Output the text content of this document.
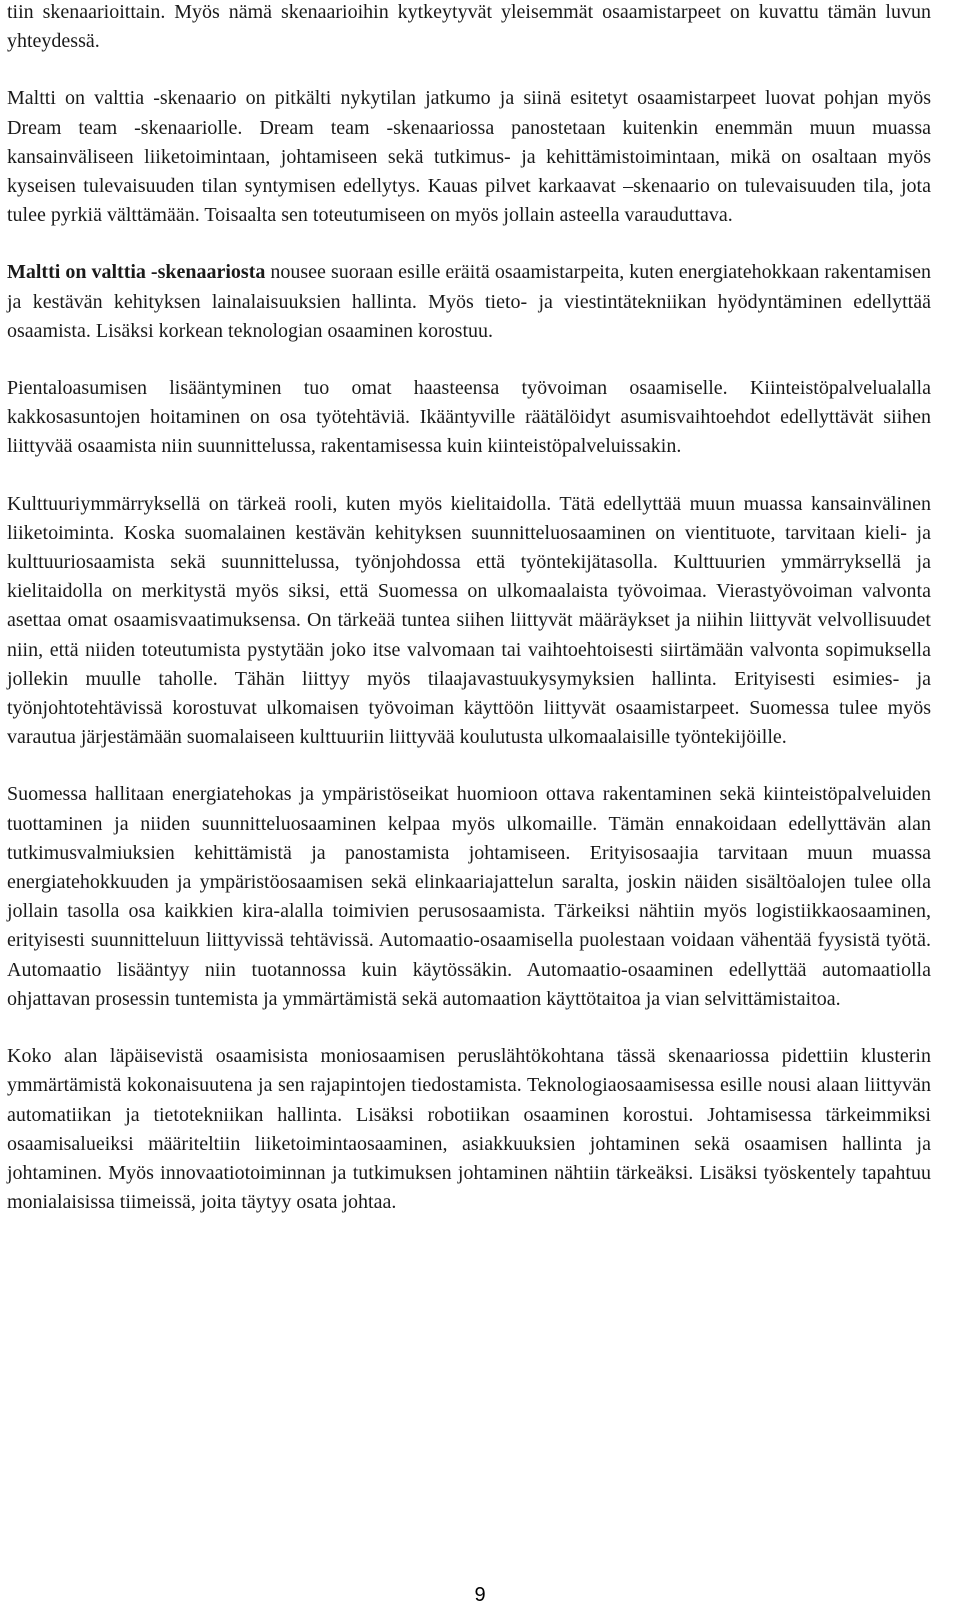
tiin skenaarioittain. Myös nämä skenaarioihin kytkeytyvät yleisemmät osaamistarpeet on kuvattu tämän luvun yhteydessä.

Maltti on valttia -skenaario on pitkälti nykytilan jatkumo ja siinä esitetyt osaamistarpeet luovat pohjan myös Dream team -skenaariolle. Dream team -skenaariossa panostetaan kuitenkin enemmän muun muassa kansainväliseen liiketoimintaan, johtamiseen sekä tutkimus- ja kehittämistoimintaan, mikä on osaltaan myös kyseisen tulevaisuuden tilan syntymisen edellytys. Kauas pilvet karkaavat –skenaario on tulevaisuuden tila, jota tulee pyrkiä välttämään. Toisaalta sen toteutumiseen on myös jollain asteella varauduttava.

Maltti on valttia -skenaariosta nousee suoraan esille eräitä osaamistarpeita, kuten energiatehokkaan rakentamisen ja kestävän kehityksen lainalaisuuksien hallinta. Myös tieto- ja viestintätekniikan hyödyntäminen edellyttää osaamista. Lisäksi korkean teknologian osaaminen korostuu.

Pientaloasumisen lisääntyminen tuo omat haasteensa työvoiman osaamiselle. Kiinteistöpalvelualalla kakkosasuntojen hoitaminen on osa työtehtäviä. Ikääntyville räätälöidyt asumisvaihtoehdot edellyttävät siihen liittyvää osaamista niin suunnittelussa, rakentamisessa kuin kiinteistöpalveluissakin.

Kulttuuriymmärryksellä on tärkeä rooli, kuten myös kielitaidolla. Tätä edellyttää muun muassa kansainvälinen liiketoiminta. Koska suomalainen kestävän kehityksen suunnitteluosaaminen on vientituote, tarvitaan kieli- ja kulttuuriosaamista sekä suunnittelussa, työnjohdossa että työntekijätasolla. Kulttuurien ymmärryksellä ja kielitaidolla on merkitystä myös siksi, että Suomessa on ulkomaalaista työvoimaa. Vierastyövoiman valvonta asettaa omat osaamisvaatimuksensa. On tärkeää tuntea siihen liittyvät määräykset ja niihin liittyvät velvollisuudet niin, että niiden toteutumista pystytään joko itse valvomaan tai vaihtoehtoisesti siirtämään valvonta sopimuksella jollekin muulle taholle. Tähän liittyy myös tilaajavastuukysymyksien hallinta. Erityisesti esimies- ja työnjohtotehtävissä korostuvat ulkomaisen työvoiman käyttöön liittyvät osaamistarpeet. Suomessa tulee myös varautua järjestämään suomalaiseen kulttuuriin liittyvää koulutusta ulkomaalaisille työntekijöille.

Suomessa hallitaan energiatehokas ja ympäristöseikat huomioon ottava rakentaminen sekä kiinteistöpalveluiden tuottaminen ja niiden suunnitteluosaaminen kelpaa myös ulkomaille. Tämän ennakoidaan edellyttävän alan tutkimusvalmiuksien kehittämistä ja panostamista johtamiseen. Erityisosaajia tarvitaan muun muassa energiatehokkuuden ja ympäristöosaamisen sekä elinkaariajattelun saralta, joskin näiden sisältöalojen tulee olla jollain tasolla osa kaikkien kira-alalla toimivien perusosaamista. Tärkeiksi nähtiin myös logistiikkaosaaminen, erityisesti suunnitteluun liittyvissä tehtävissä. Automaatio-osaamisella puolestaan voidaan vähentää fyysistä työtä. Automaatio lisääntyy niin tuotannossa kuin käytössäkin. Automaatio-osaaminen edellyttää automaatiolla ohjattavan prosessin tuntemista ja ymmärtämistä sekä automaation käyttötaitoa ja vian selvittämistaitoa.

Koko alan läpäisevistä osaamisista moniosaamisen peruslähtökohtana tässä skenaariossa pidettiin klusterin ymmärtämistä kokonaisuutena ja sen rajapintojen tiedostamista. Teknologiaosaamisessa esille nousi alaan liittyvän automatiikan ja tietotekniikan hallinta. Lisäksi robotiikan osaaminen korostui. Johtamisessa tärkeimmiksi osaamisalueiksi määriteltiin liiketoimintaosaaminen, asiakkuuksien johtaminen sekä osaamisen hallinta ja johtaminen. Myös innovaatiotoiminnan ja tutkimuksen johtaminen nähtiin tärkeäksi. Lisäksi työskentely tapahtuu monialaisissa tiimeissä, joita täytyy osata johtaa.

9
